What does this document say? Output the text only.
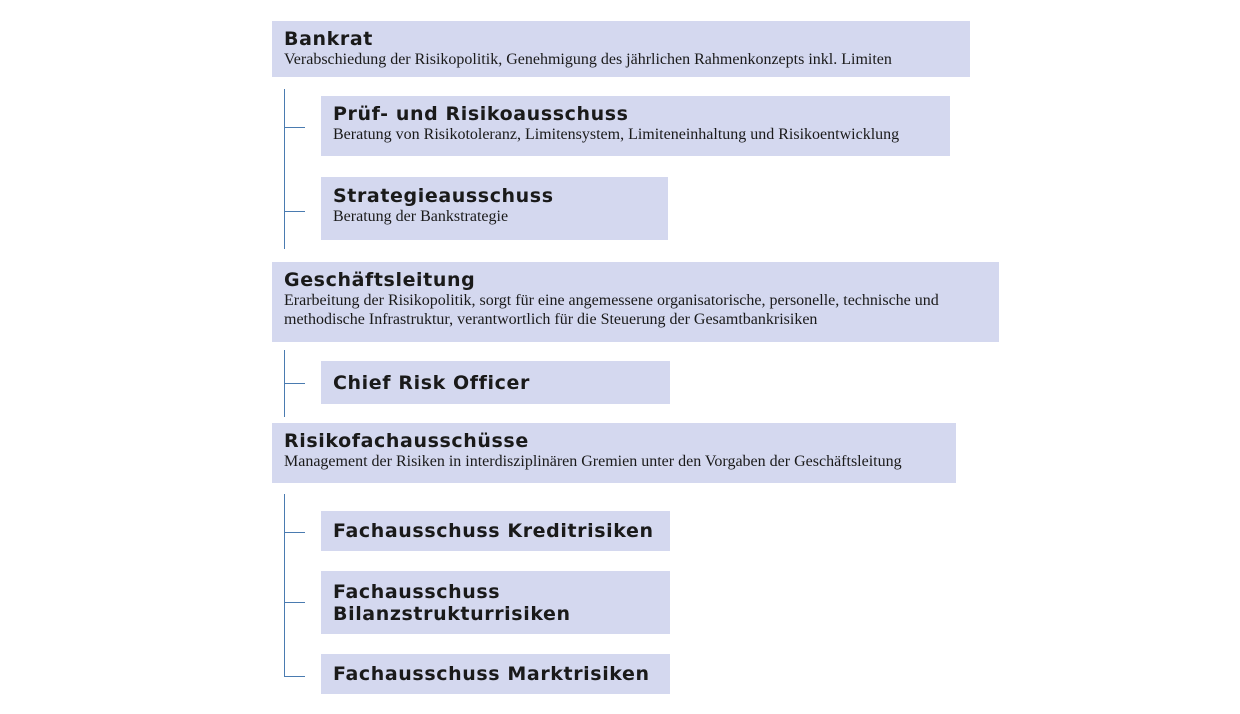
Bankrat

Verabschiedung der Risikopolitik, Genehmigung des jährlichen Rahmenkonzepts inkl. Limiten

Prüf- und Risikoausschuss

Beratung von Risikotoleranz, Limitensystem, Limiteneinhaltung und Risikoentwicklung

Strategieausschuss

Beratung der Bankstrategie

Geschäftsleitung

Erarbeitung der Risikopolitik, sorgt für eine angemessene organisatorische, personelle, technische und methodische Infrastruktur, verantwortlich für die Steuerung der Gesamtbankrisiken

Chief Risk Officer

Risikofachausschüsse

Management der Risiken in interdisziplinären Gremien unter den Vorgaben der Geschäftsleitung

Fachausschuss Kreditrisiken

Fachausschuss
Bilanzstrukturrisiken

Fachausschuss Marktrisiken
